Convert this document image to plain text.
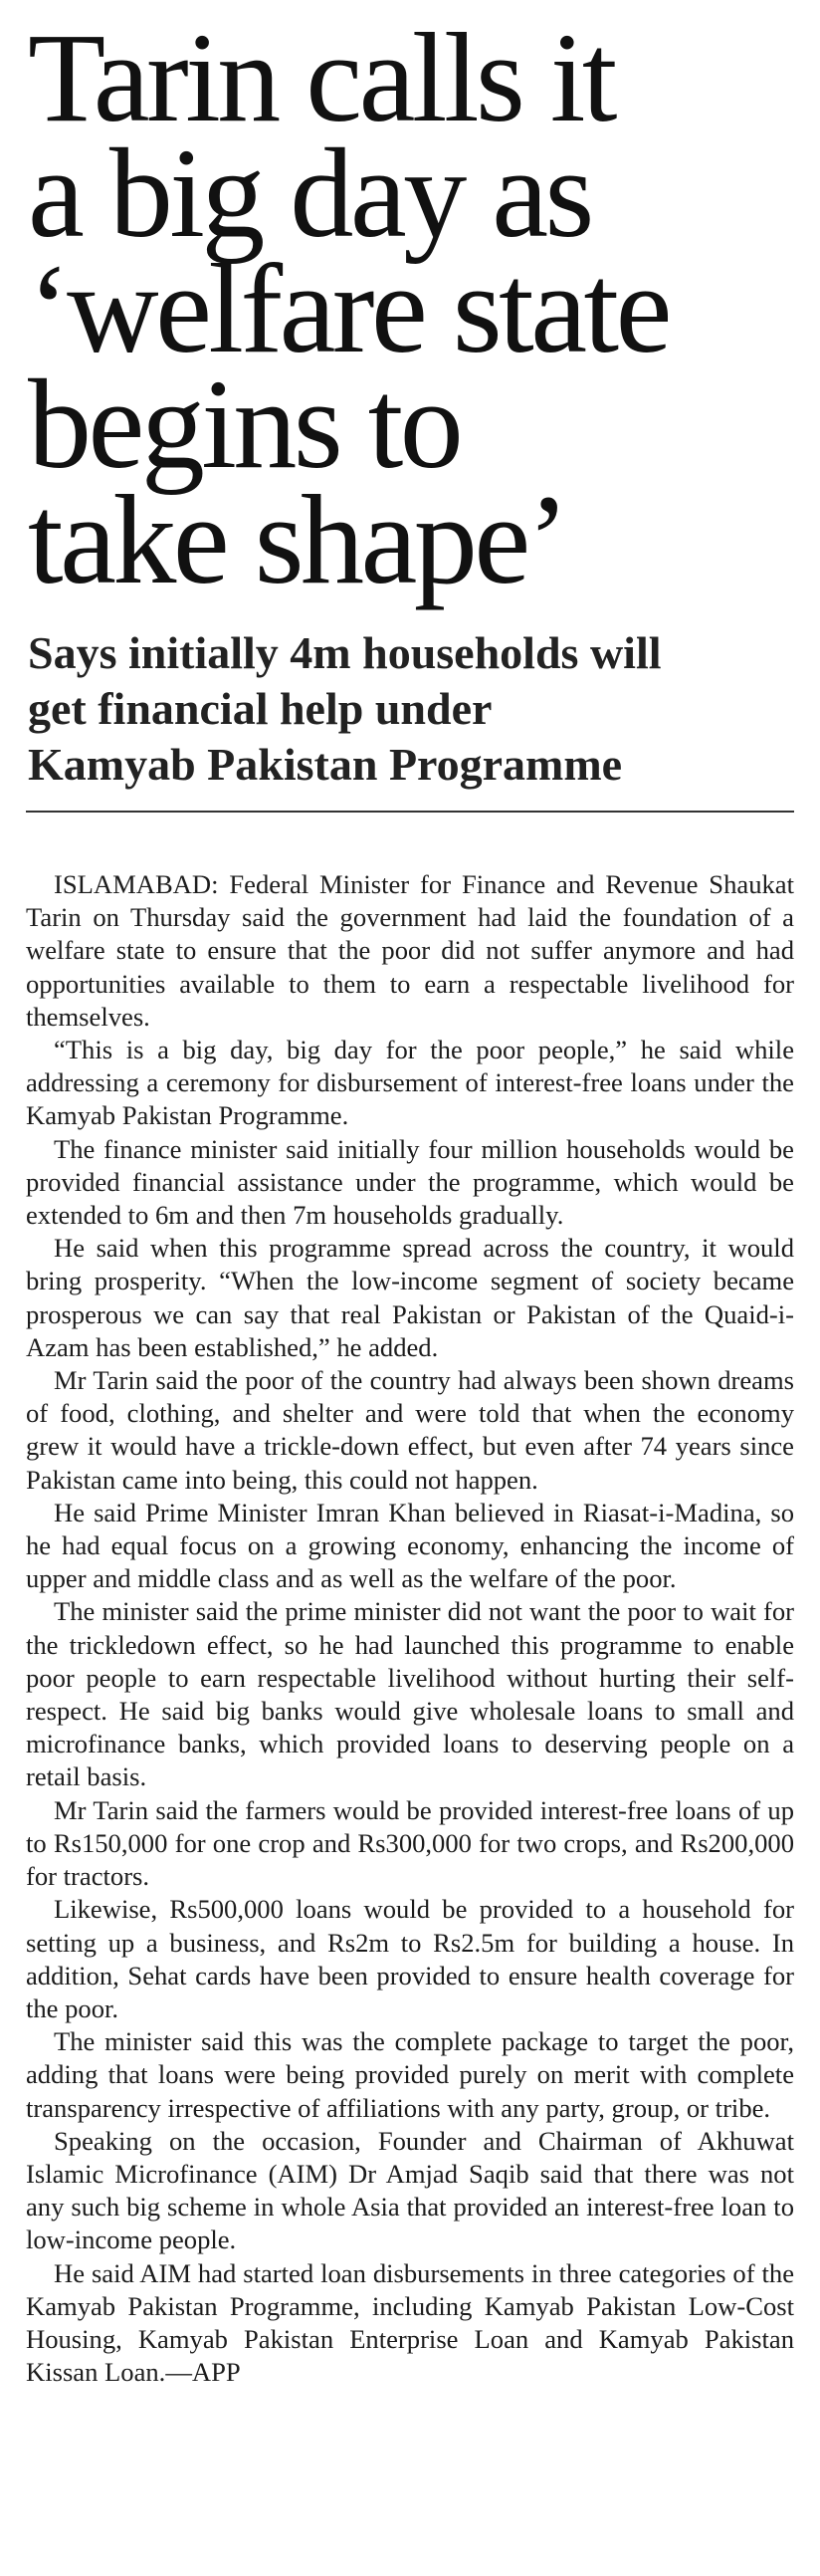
Tarin calls it
a big day as
‘welfare state
begins to
take shape’
Says initially 4m households will
get financial help under
Kamyab Pakistan Programme

ISLAMABAD: Federal Minister for Finance and Revenue Shaukat Tarin on Thursday said the government had laid the foundation of a welfare state to ensure that the poor did not suffer anymore and had opportunities available to them to earn a respectable livelihood for themselves.

“This is a big day, big day for the poor people,” he said while addressing a ceremony for disbursement of interest-free loans under the Kamyab Pakistan Programme.

The finance minister said initially four million households would be provided financial assistance under the programme, which would be extended to 6m and then 7m households gradually.

He said when this programme spread across the country, it would bring prosperity. “When the low-income segment of society became prosperous we can say that real Pakistan or Pakistan of the Quaid-i-Azam has been established,” he added.

Mr Tarin said the poor of the country had always been shown dreams of food, clothing, and shelter and were told that when the economy grew it would have a trickle-down effect, but even after 74 years since Pakistan came into being, this could not happen.

He said Prime Minister Imran Khan believed in Riasat-i-Madina, so he had equal focus on a growing economy, enhancing the income of upper and middle class and as well as the welfare of the poor.

The minister said the prime minister did not want the poor to wait for the trickledown effect, so he had launched this programme to enable poor people to earn respectable livelihood without hurting their self-respect. He said big banks would give wholesale loans to small and microfinance banks, which provided loans to deserving people on a retail basis.

Mr Tarin said the farmers would be provided interest-free loans of up to Rs150,000 for one crop and Rs300,000 for two crops, and Rs200,000 for tractors.

Likewise, Rs500,000 loans would be provided to a household for setting up a business, and Rs2m to Rs2.5m for building a house. In addition, Sehat cards have been provided to ensure health coverage for the poor.

The minister said this was the complete package to target the poor, adding that loans were being provided purely on merit with complete transparency irrespective of affiliations with any party, group, or tribe.

Speaking on the occasion, Founder and Chairman of Akhuwat Islamic Microfinance (AIM) Dr Amjad Saqib said that there was not any such big scheme in whole Asia that provided an interest-free loan to low-income people.

He said AIM had started loan disbursements in three categories of the Kamyab Pakistan Programme, including Kamyab Pakistan Low-Cost Housing, Kamyab Pakistan Enterprise Loan and Kamyab Pakistan Kissan Loan.—APP
